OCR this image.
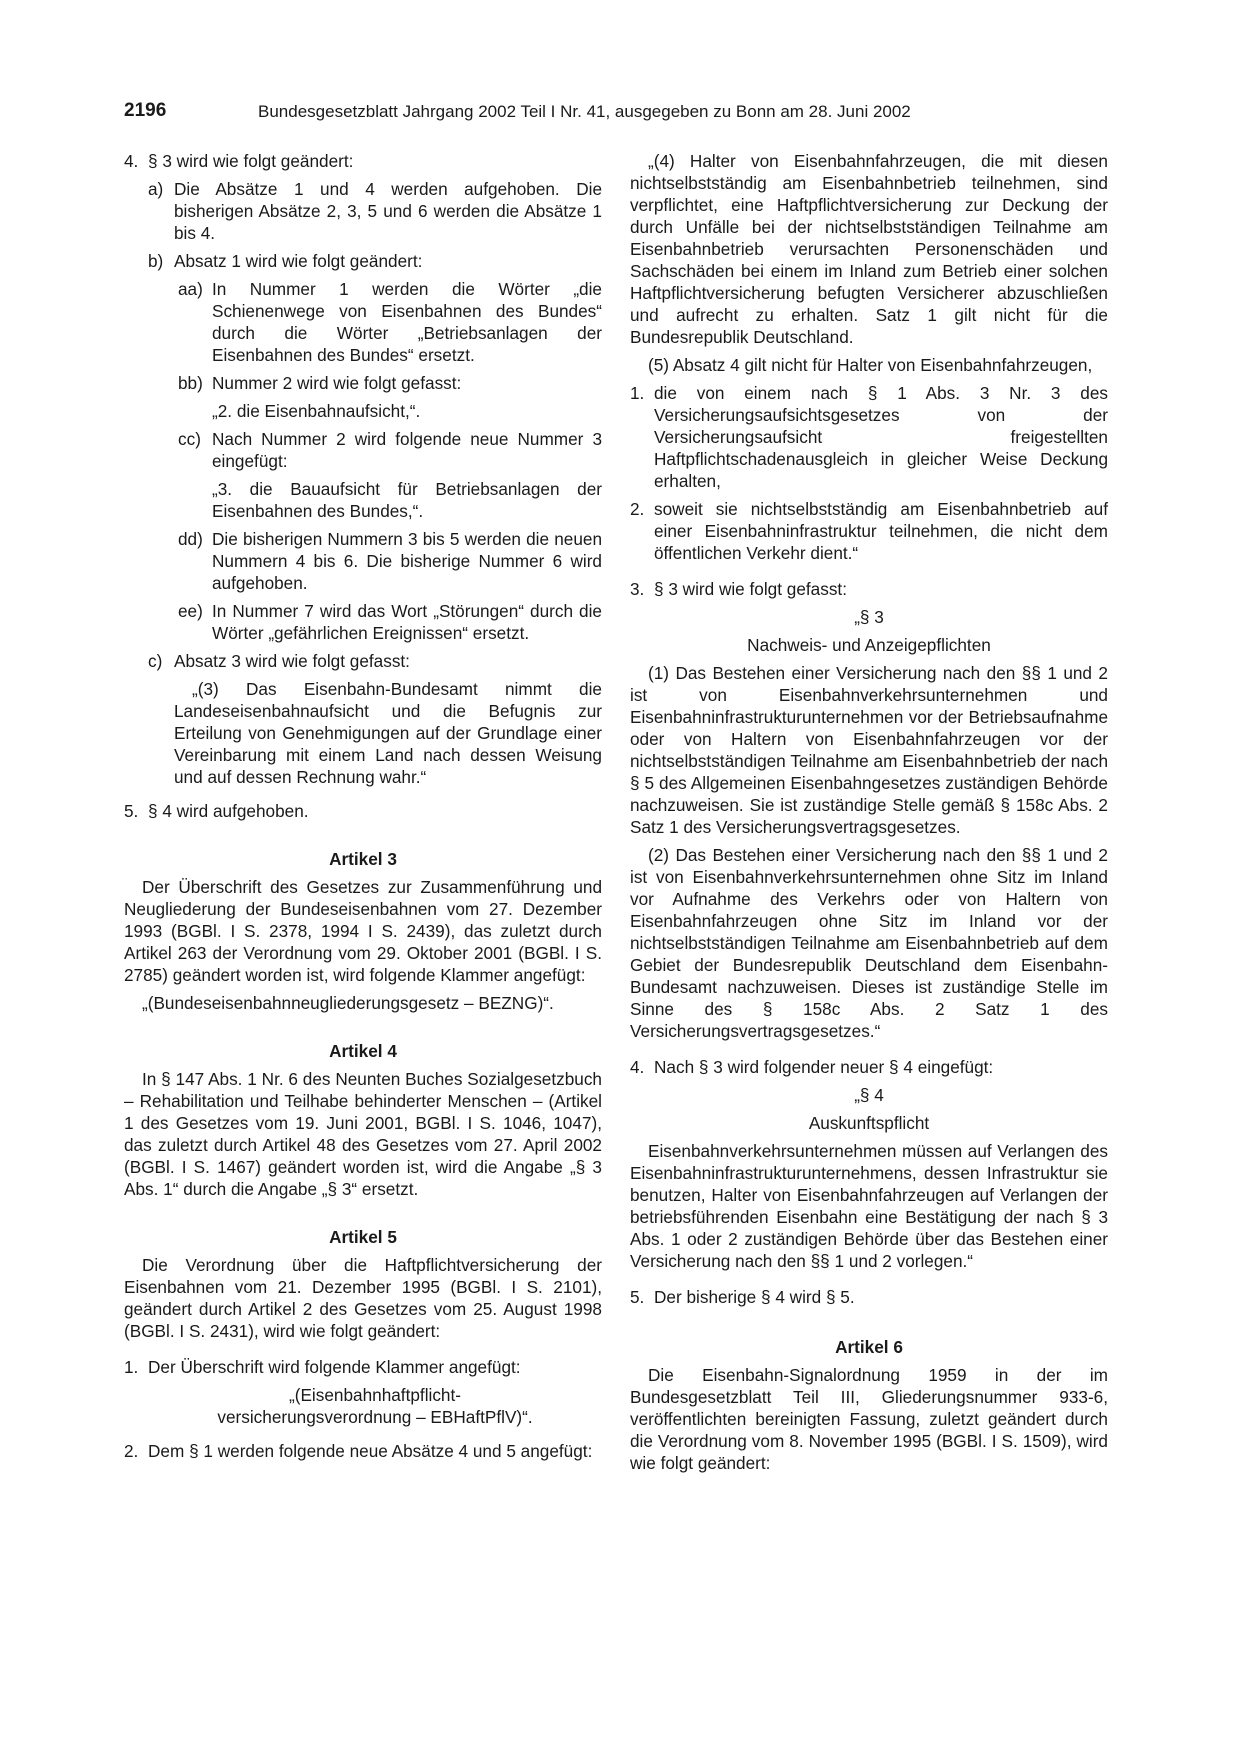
2196	Bundesgesetzblatt Jahrgang 2002 Teil I Nr. 41, ausgegeben zu Bonn am 28. Juni 2002
4. § 3 wird wie folgt geändert:
a) Die Absätze 1 und 4 werden aufgehoben. Die bisherigen Absätze 2, 3, 5 und 6 werden die Absätze 1 bis 4.
b) Absatz 1 wird wie folgt geändert:
aa) In Nummer 1 werden die Wörter „die Schienenwege von Eisenbahnen des Bundes“ durch die Wörter „Betriebsanlagen der Eisenbahnen des Bundes“ ersetzt.
bb) Nummer 2 wird wie folgt gefasst:

„2. die Eisenbahnaufsicht,“.

cc) Nach Nummer 2 wird folgende neue Nummer 3 eingefügt:

„3. die Bauaufsicht für Betriebsanlagen der Eisenbahnen des Bundes,“.

dd) Die bisherigen Nummern 3 bis 5 werden die neuen Nummern 4 bis 6. Die bisherige Nummer 6 wird aufgehoben.
ee) In Nummer 7 wird das Wort „Störungen“ durch die Wörter „gefährlichen Ereignissen“ ersetzt.
c) Absatz 3 wird wie folgt gefasst:

„(3) Das Eisenbahn-Bundesamt nimmt die Landeseisenbahnaufsicht und die Befugnis zur Erteilung von Genehmigungen auf der Grundlage einer Vereinbarung mit einem Land nach dessen Weisung und auf dessen Rechnung wahr.“

5. § 4 wird aufgehoben.

Artikel 3

Der Überschrift des Gesetzes zur Zusammenführung und Neugliederung der Bundeseisenbahnen vom 27. Dezember 1993 (BGBl. I S. 2378, 1994 I S. 2439), das zuletzt durch Artikel 263 der Verordnung vom 29. Oktober 2001 (BGBl. I S. 2785) geändert worden ist, wird folgende Klammer angefügt:

„(Bundeseisenbahnneugliederungsgesetz – BEZNG)“.

Artikel 4

In § 147 Abs. 1 Nr. 6 des Neunten Buches Sozialgesetzbuch – Rehabilitation und Teilhabe behinderter Menschen – (Artikel 1 des Gesetzes vom 19. Juni 2001, BGBl. I S. 1046, 1047), das zuletzt durch Artikel 48 des Gesetzes vom 27. April 2002 (BGBl. I S. 1467) geändert worden ist, wird die Angabe „§ 3 Abs. 1“ durch die Angabe „§ 3“ ersetzt.

Artikel 5

Die Verordnung über die Haftpflichtversicherung der Eisenbahnen vom 21. Dezember 1995 (BGBl. I S. 2101), geändert durch Artikel 2 des Gesetzes vom 25. August 1998 (BGBl. I S. 2431), wird wie folgt geändert:

1. Der Überschrift wird folgende Klammer angefügt:

„(Eisenbahnhaftpflicht-

versicherungsverordnung – EBHaftPflV)“.

2. Dem § 1 werden folgende neue Absätze 4 und 5 angefügt:

„(4) Halter von Eisenbahnfahrzeugen, die mit diesen nichtselbstständig am Eisenbahnbetrieb teilnehmen, sind verpflichtet, eine Haftpflichtversicherung zur Deckung der durch Unfälle bei der nichtselbstständigen Teilnahme am Eisenbahnbetrieb verursachten Personenschäden und Sachschäden bei einem im Inland zum Betrieb einer solchen Haftpflichtversicherung befugten Versicherer abzuschließen und aufrecht zu erhalten. Satz 1 gilt nicht für die Bundesrepublik Deutschland.

(5) Absatz 4 gilt nicht für Halter von Eisenbahnfahrzeugen,

1. die von einem nach § 1 Abs. 3 Nr. 3 des Versicherungsaufsichtsgesetzes von der Versicherungsaufsicht freigestellten Haftpflichtschadenausgleich in gleicher Weise Deckung erhalten,
2. soweit sie nichtselbstständig am Eisenbahnbetrieb auf einer Eisenbahninfrastruktur teilnehmen, die nicht dem öffentlichen Verkehr dient.“
3. § 3 wird wie folgt gefasst:

„§ 3

Nachweis- und Anzeigepflichten

(1) Das Bestehen einer Versicherung nach den §§ 1 und 2 ist von Eisenbahnverkehrsunternehmen und Eisenbahninfrastrukturunternehmen vor der Betriebsaufnahme oder von Haltern von Eisenbahnfahrzeugen vor der nichtselbstständigen Teilnahme am Eisenbahnbetrieb der nach § 5 des Allgemeinen Eisenbahngesetzes zuständigen Behörde nachzuweisen. Sie ist zuständige Stelle gemäß § 158c Abs. 2 Satz 1 des Versicherungsvertragsgesetzes.

(2) Das Bestehen einer Versicherung nach den §§ 1 und 2 ist von Eisenbahnverkehrsunternehmen ohne Sitz im Inland vor Aufnahme des Verkehrs oder von Haltern von Eisenbahnfahrzeugen ohne Sitz im Inland vor der nichtselbstständigen Teilnahme am Eisenbahnbetrieb auf dem Gebiet der Bundesrepublik Deutschland dem Eisenbahn-Bundesamt nachzuweisen. Dieses ist zuständige Stelle im Sinne des § 158c Abs. 2 Satz 1 des Versicherungsvertragsgesetzes.“

4. Nach § 3 wird folgender neuer § 4 eingefügt:

„§ 4

Auskunftspflicht

Eisenbahnverkehrsunternehmen müssen auf Verlangen des Eisenbahninfrastrukturunternehmens, dessen Infrastruktur sie benutzen, Halter von Eisenbahnfahrzeugen auf Verlangen der betriebsführenden Eisenbahn eine Bestätigung der nach § 3 Abs. 1 oder 2 zuständigen Behörde über das Bestehen einer Versicherung nach den §§ 1 und 2 vorlegen.“

5. Der bisherige § 4 wird § 5.

Artikel 6

Die Eisenbahn-Signalordnung 1959 in der im Bundesgesetzblatt Teil III, Gliederungsnummer 933-6, veröffentlichten bereinigten Fassung, zuletzt geändert durch die Verordnung vom 8. November 1995 (BGBl. I S. 1509), wird wie folgt geändert:
